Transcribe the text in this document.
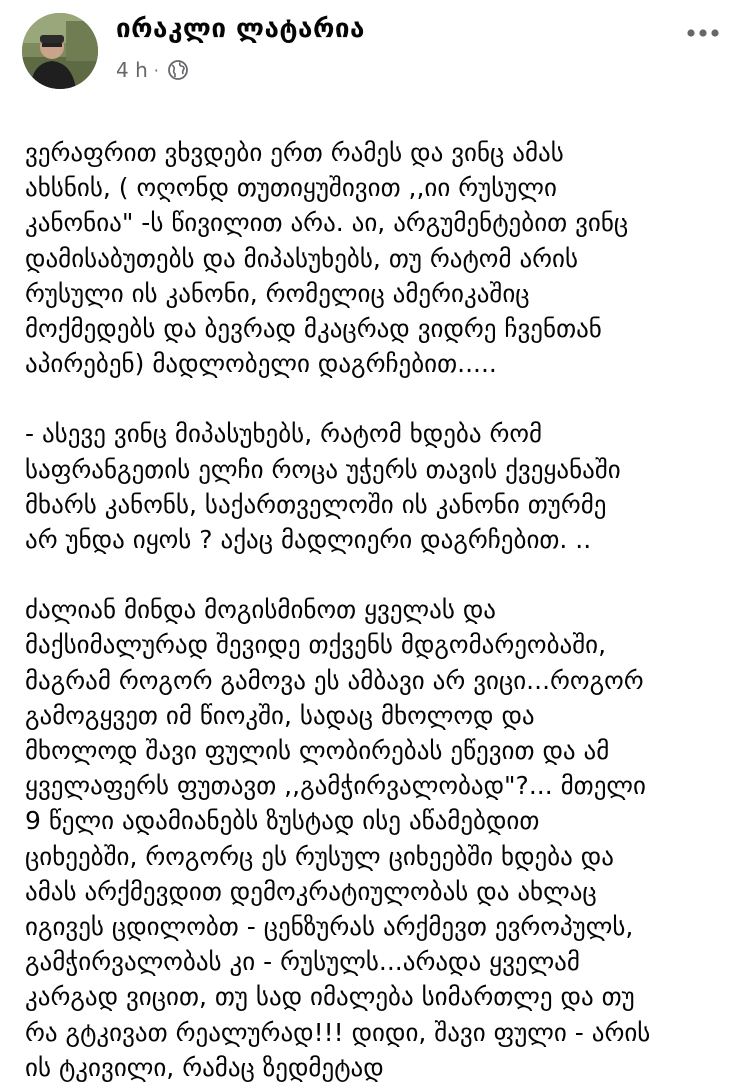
ირაკლი ლატარია
4 h ·
ვერაფრით ვხვდები ერთ რამეს და ვინც ამას
ახსნის, ( ოღონდ თუთიყუშივით ,,იი რუსული
კანონია" -ს წივილით არა. აი, არგუმენტებით ვინც
დამისაბუთებს და მიპასუხებს, თუ რატომ არის
რუსული ის კანონი, რომელიც ამერიკაშიც
მოქმედებს და ბევრად მკაცრად ვიდრე ჩვენთან
აპირებენ) მადლობელი დაგრჩებით.....
- ასევე ვინც მიპასუხებს, რატომ ხდება რომ
საფრანგეთის ელჩი როცა უჭერს თავის ქვეყანაში
მხარს კანონს, საქართველოში ის კანონი თურმე
არ უნდა იყოს ? აქაც მადლიერი დაგრჩებით. ..
ძალიან მინდა მოგისმინოთ ყველას და
მაქსიმალურად შევიდე თქვენს მდგომარეობაში,
მაგრამ როგორ გამოვა ეს ამბავი არ ვიცი...როგორ
გამოგყვეთ იმ წიოკში, სადაც მხოლოდ და
მხოლოდ შავი ფულის ლობირებას ეწევით და ამ
ყველაფერს ფუთავთ ,,გამჭირვალობად"?... მთელი
9 წელი ადამიანებს ზუსტად ისე აწამებდით
ციხეებში, როგორც ეს რუსულ ციხეებში ხდება და
ამას არქმევდით დემოკრატიულობას და ახლაც
იგივეს ცდილობთ - ცენზურას არქმევთ ევროპულს,
გამჭირვალობას კი - რუსულს...არადა ყველამ
კარგად ვიცით, თუ სად იმალება სიმართლე და თუ
რა გტკივათ რეალურად!!! დიდი, შავი ფული - არის
ის ტკივილი, რამაც ზედმეტად
